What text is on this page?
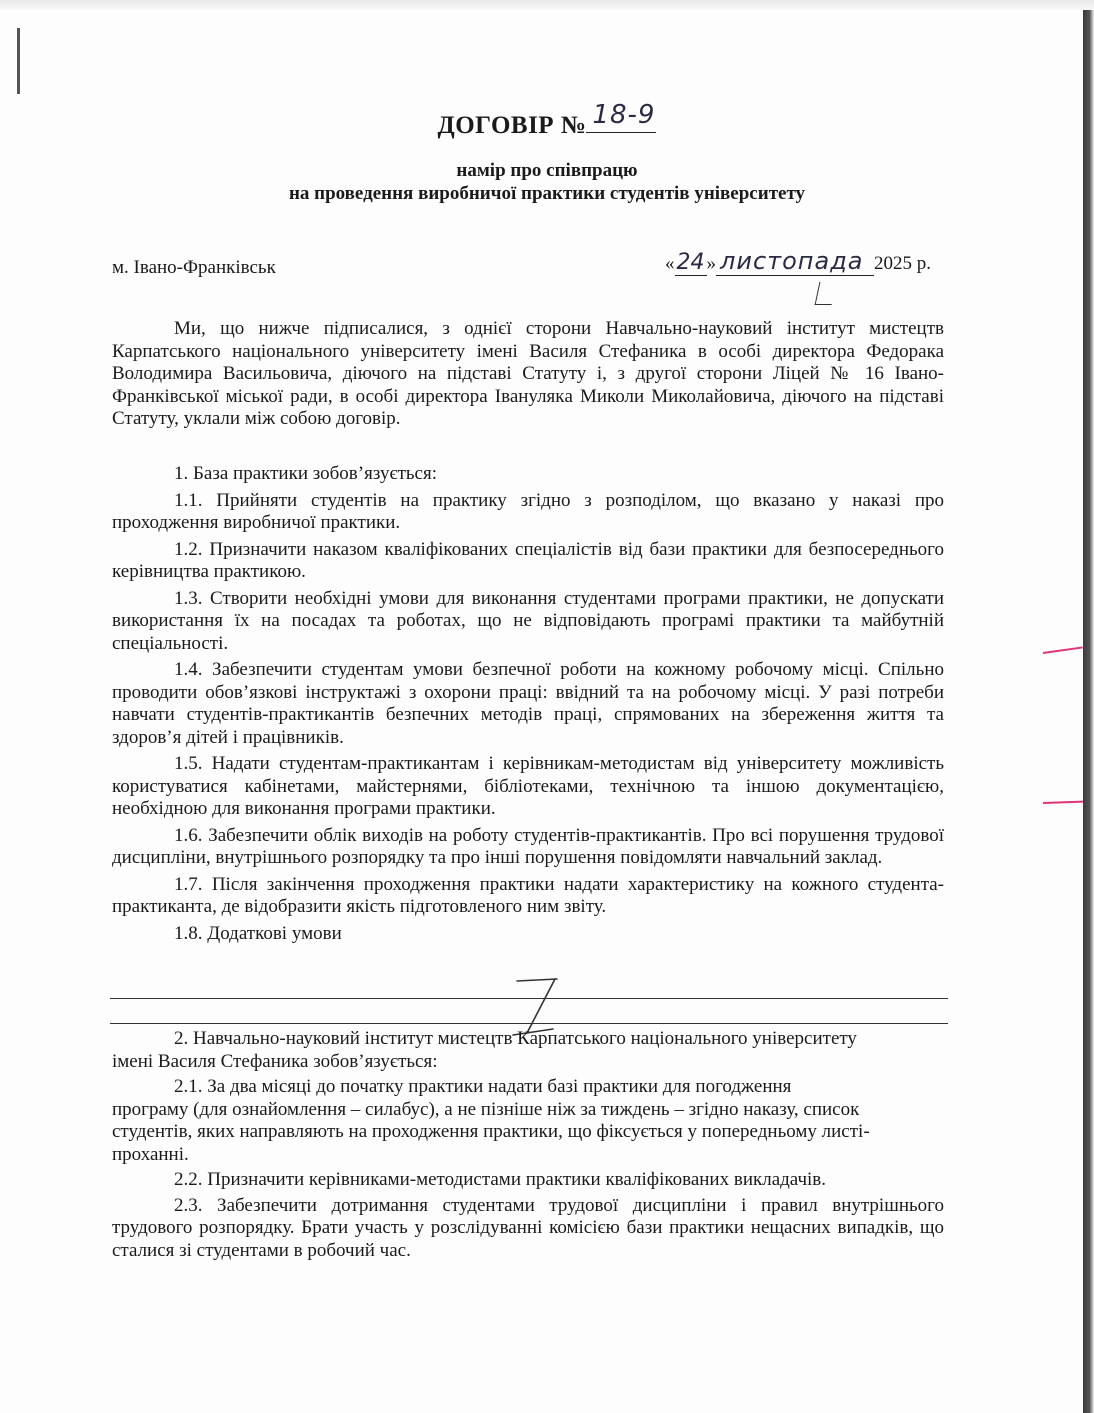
ДОГОВІР № 18-9
намір про співпрацю
на проведення виробничої практики студентів університету
м. Івано-Франківськ	«24 » листопада 2025 р.

Ми, що нижче підписалися, з однієї сторони Навчально-науковий інститут мистецтв Карпатського національного університету імені Василя Стефаника в особі директора Федорака Володимира Васильовича, діючого на підставі Статуту і, з другої сторони Ліцей № 16 Івано-Франківської міської ради, в особі директора Іванулякa Миколи Миколайовича, діючого на підставі Статуту, уклали між собою договір.

1. База практики зобов’язується:

1.1. Прийняти студентів на практику згідно з розподілом, що вказано у наказі про проходження виробничої практики.

1.2. Призначити наказом кваліфікованих спеціалістів від бази практики для безпосереднього керівництва практикою.

1.3. Створити необхідні умови для виконання студентами програми практики, не допускати використання їх на посадах та роботах, що не відповідають програмі практики та майбутній спеціальності.

1.4. Забезпечити студентам умови безпечної роботи на кожному робочому місці. Спільно проводити обов’язкові інструктажі з охорони праці: ввідний та на робочому місці. У разі потреби навчати студентів-практикантів безпечних методів праці, спрямованих на збереження життя та здоров’я дітей і працівників.

1.5. Надати студентам-практикантам і керівникам-методистам від університету можливість користуватися кабінетами, майстернями, бібліотеками, технічною та іншою документацією, необхідною для виконання програми практики.

1.6. Забезпечити облік виходів на роботу студентів-практикантів. Про всі порушення трудової дисципліни, внутрішнього розпорядку та про інші порушення повідомляти навчальний заклад.

1.7. Після закінчення проходження практики надати характеристику на кожного студента-практиканта, де відобразити якість підготовленого ним звіту.

1.8. Додаткові умови

2. Навчально-науковий інститут мистецтв Карпатського національного університету імені Василя Стефаника зобов’язується:

2.1. За два місяці до початку практики надати базі практики для погодження програму (для ознайомлення – силабус), а не пізніше ніж за тиждень – згідно наказу, список студентів, яких направляють на проходження практики, що фіксується у попередньому листі-проханні.

2.2. Призначити керівниками-методистами практики кваліфікованих викладачів.

2.3. Забезпечити дотримання студентами трудової дисципліни і правил внутрішнього трудового розпорядку. Брати участь у розслідуванні комісією бази практики нещасних випадків, що сталися зі студентами в робочий час.
